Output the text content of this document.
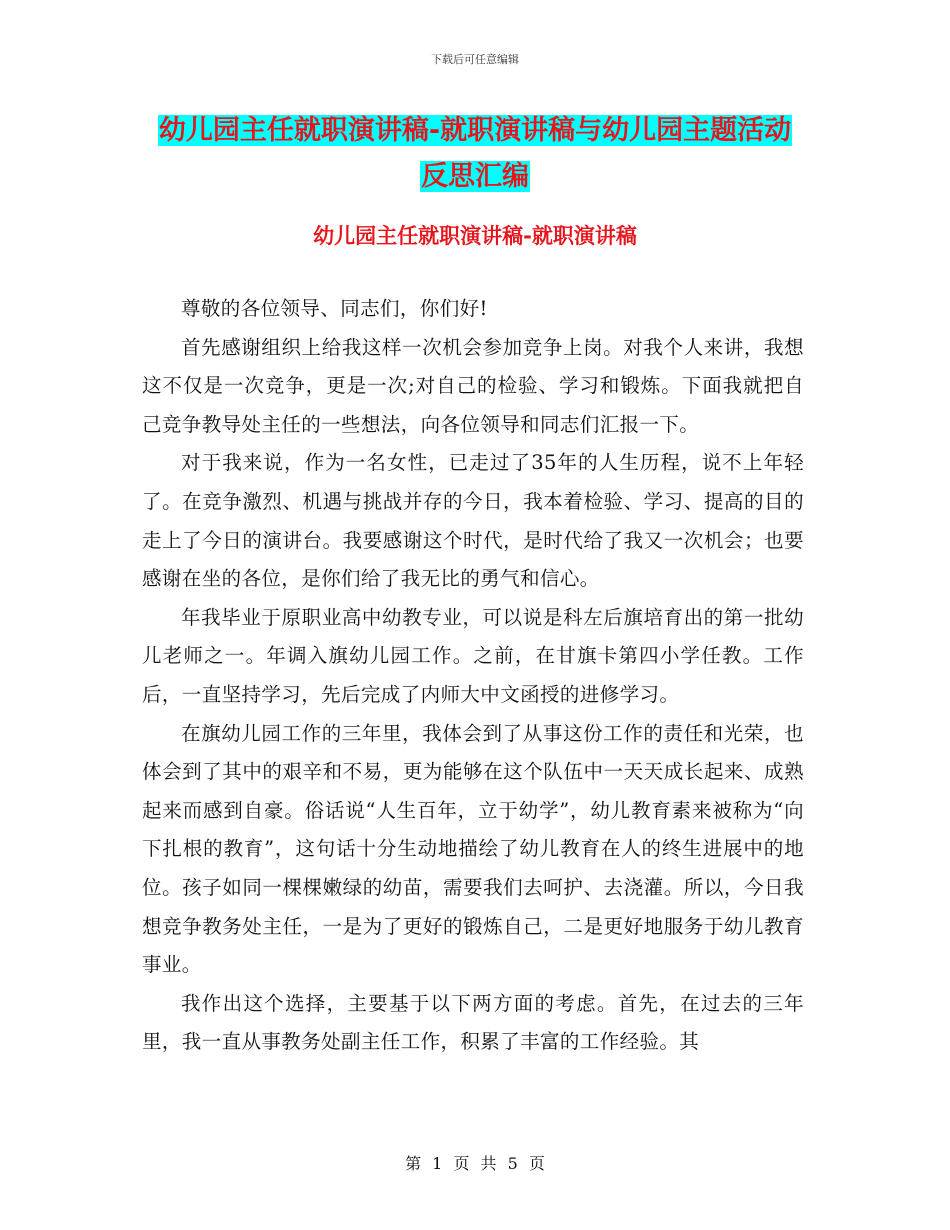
下载后可任意编辑
幼儿园主任就职演讲稿-就职演讲稿与幼儿园主题活动
反思汇编
幼儿园主任就职演讲稿-就职演讲稿

尊敬的各位领导、同志们，你们好!

首先感谢组织上给我这样一次机会参加竞争上岗。对我个人来讲，我想这不仅是一次竞争，更是一次;对自己的检验、学习和锻炼。下面我就把自己竞争教导处主任的一些想法，向各位领导和同志们汇报一下。

对于我来说，作为一名女性，已走过了35年的人生历程，说不上年轻了。在竞争激烈、机遇与挑战并存的今日，我本着检验、学习、提高的目的走上了今日的演讲台。我要感谢这个时代，是时代给了我又一次机会；也要感谢在坐的各位，是你们给了我无比的勇气和信心。

年我毕业于原职业高中幼教专业，可以说是科左后旗培育出的第一批幼儿老师之一。年调入旗幼儿园工作。之前，在甘旗卡第四小学任教。工作后，一直坚持学习，先后完成了内师大中文函授的进修学习。

在旗幼儿园工作的三年里，我体会到了从事这份工作的责任和光荣，也体会到了其中的艰辛和不易，更为能够在这个队伍中一天天成长起来、成熟起来而感到自豪。俗话说“人生百年，立于幼学”，幼儿教育素来被称为“向下扎根的教育”，这句话十分生动地描绘了幼儿教育在人的终生进展中的地位。孩子如同一棵棵嫩绿的幼苗，需要我们去呵护、去浇灌。所以，今日我想竞争教务处主任，一是为了更好的锻炼自己，二是更好地服务于幼儿教育事业。

我作出这个选择，主要基于以下两方面的考虑。首先，在过去的三年里，我一直从事教务处副主任工作，积累了丰富的工作经验。其

第 1 页 共 5 页
